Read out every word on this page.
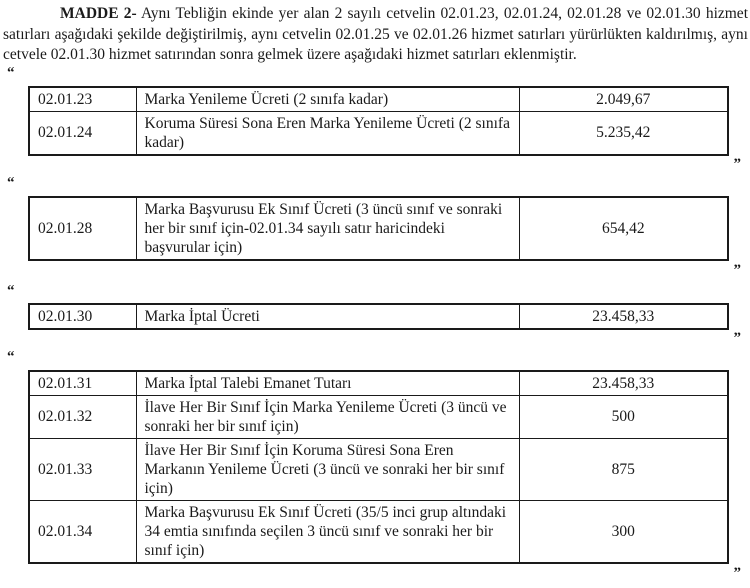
MADDE 2- Aynı Tebliğin ekinde yer alan 2 sayılı cetvelin 02.01.23, 02.01.24, 02.01.28 ve 02.01.30 hizmet satırları aşağıdaki şekilde değiştirilmiş, aynı cetvelin 02.01.25 ve 02.01.26 hizmet satırları yürürlükten kaldırılmış, aynı cetvele 02.01.30 hizmet satırından sonra gelmek üzere aşağıdaki hizmet satırları eklenmiştir.

“
02.01.23	Marka Yenileme Ücreti (2 sınıfa kadar)	2.049,67
02.01.24	Koruma Süresi Sona Eren Marka Yenileme Ücreti (2 sınıfa kadar)	5.235,42
”
“
02.01.28	Marka Başvurusu Ek Sınıf Ücreti (3 üncü sınıf ve sonraki her bir sınıf için-02.01.34 sayılı satır haricindeki başvurular için)	654,42
”
“
02.01.30	Marka İptal Ücreti	23.458,33
”
“
02.01.31	Marka İptal Talebi Emanet Tutarı	23.458,33
02.01.32	İlave Her Bir Sınıf İçin Marka Yenileme Ücreti (3 üncü ve sonraki her bir sınıf için)	500
02.01.33	İlave Her Bir Sınıf İçin Koruma Süresi Sona Eren Markanın Yenileme Ücreti (3 üncü ve sonraki her bir sınıf için)	875
02.01.34	Marka Başvurusu Ek Sınıf Ücreti (35/5 inci grup altındaki 34 emtia sınıfında seçilen 3 üncü sınıf ve sonraki her bir sınıf için)	300
”
